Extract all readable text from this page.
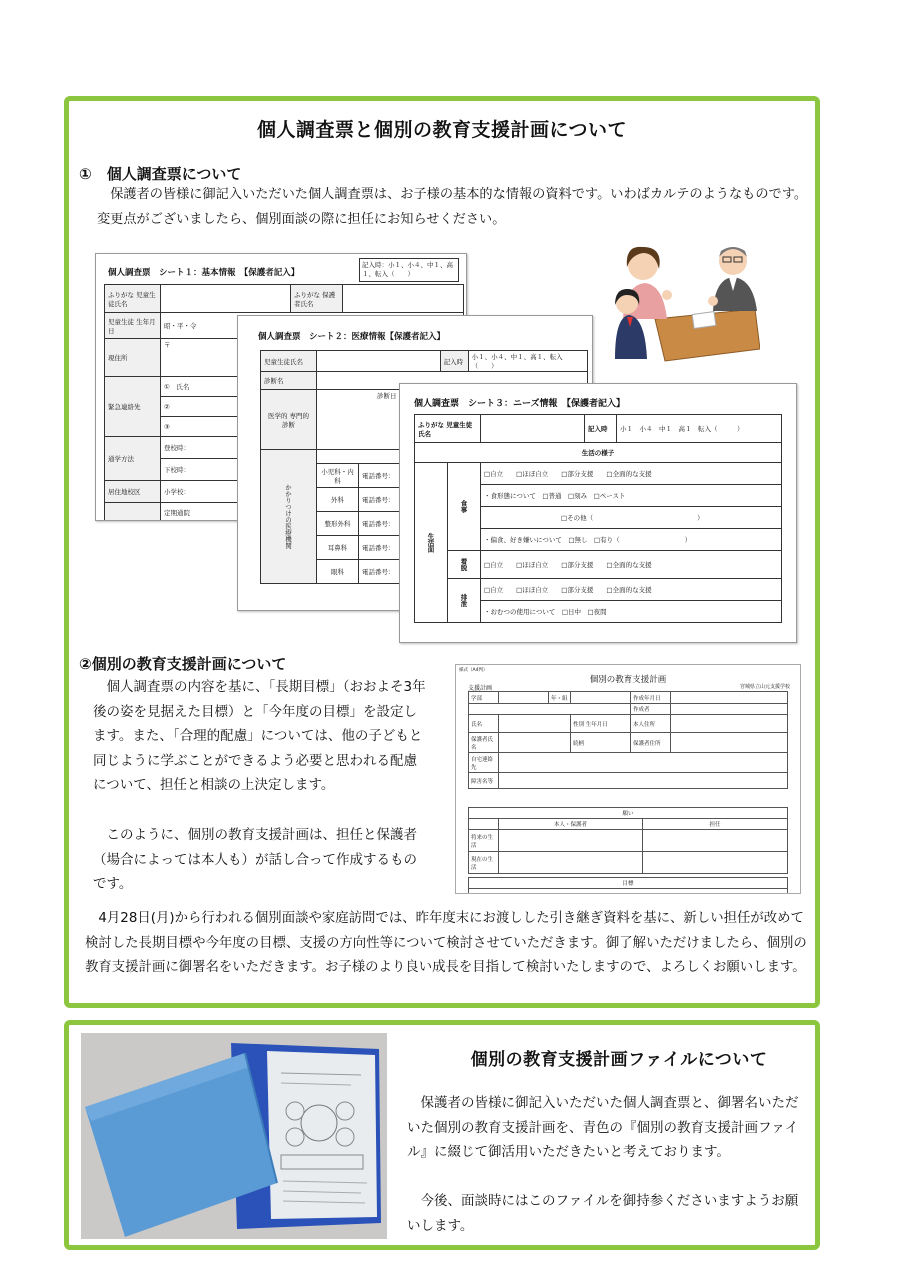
個人調査票と個別の教育支援計画について
①　個人調査票について
保護者の皆様に御記入いただいた個人調査票は、お子様の基本的な情報の資料です。いわばカルテのようなものです。変更点がございましたら、個別面談の際に担任にお知らせください。
個人調査票　シート１：基本情報　【保護者記入】
記入時：小１、小４、中１、高１、転入（　　）
ふりがな 児童生徒氏名		ふりがな 保護者氏名	
児童生徒 生年月日	昭・平・令		
現住所	〒		
緊急連絡先	①　 氏名		
	②		
	③		
通学方法	登校時：		
	下校時：		
居住地校区	小学校：		
	定期通院		
個人調査票　シート２：医療情報【保護者記入】
児童生徒氏名			記入時	小１、小４、中１、高１、転入（　　）
診断名				
医学的 専門的 診断	診断日			
かかりつけの医療機関	
	小児科・内科	電話番号：		
	外科	電話番号：		
	整形外科	電話番号：		
	耳鼻科	電話番号：		
	眼科	電話番号：		
個人調査票　シート３：ニーズ情報　【保護者記入】
ふりがな 児童生徒氏名			記入時	小１　小４　中１　高１　転入（　　　）
生活の様子				
生活面	食事	□自立　　□ほぼ自立　　□部分支援　　□全面的な支援		
		・食形態について　□普通　□刻み　□ペースト		
		□その他（　　　　　　　　　　　　　　　　）		
		・偏食、好き嫌いについて　□無し　□有り（　　　　　　　　　　）		
	着脱	□自立　　□ほぼ自立　　□部分支援　　□全面的な支援		
	排泄	□自立　　□ほぼ自立　　□部分支援　　□全面的な支援		
		・おむつの使用について　□日中　□夜間		
②個別の教育支援計画について
個人調査票の内容を基に、「長期目標」（おおよそ3年後の姿を見据えた目標）と「今年度の目標」を設定します。また、「合理的配慮」については、他の子どもと同じように学ぶことができるよう必要と思われる配慮について、担任と相談の上決定します。
このように、個別の教育支援計画は、担任と保護者（場合によっては本人も）が話し合って作成するものです。
様式（A4判）
個別の教育支援計画
支援計画	宮城県立山元支援学校
学部		年・組		作成年月日	
				作成者	
氏名			性別 生年月日	本人住所	
保護者氏名			続柄	保護者住所	
自宅連絡先					
障害名等					
願い		
	本人・保護者	担任
将来の生活		
現在の生活		
目標

4月28日(月)から行われる個別面談や家庭訪問では、昨年度末にお渡しした引き継ぎ資料を基に、新しい担任が改めて検討した長期目標や今年度の目標、支援の方向性等について検討させていただきます。御了解いただけましたら、個別の教育支援計画に御署名をいただきます。お子様のより良い成長を目指して検討いたしますので、よろしくお願いします。
個別の教育支援計画ファイルについて
保護者の皆様に御記入いただいた個人調査票と、御署名いただいた個別の教育支援計画を、青色の『個別の教育支援計画ファイル』に綴じて御活用いただきたいと考えております。
今後、面談時にはこのファイルを御持参くださいますようお願いします。
